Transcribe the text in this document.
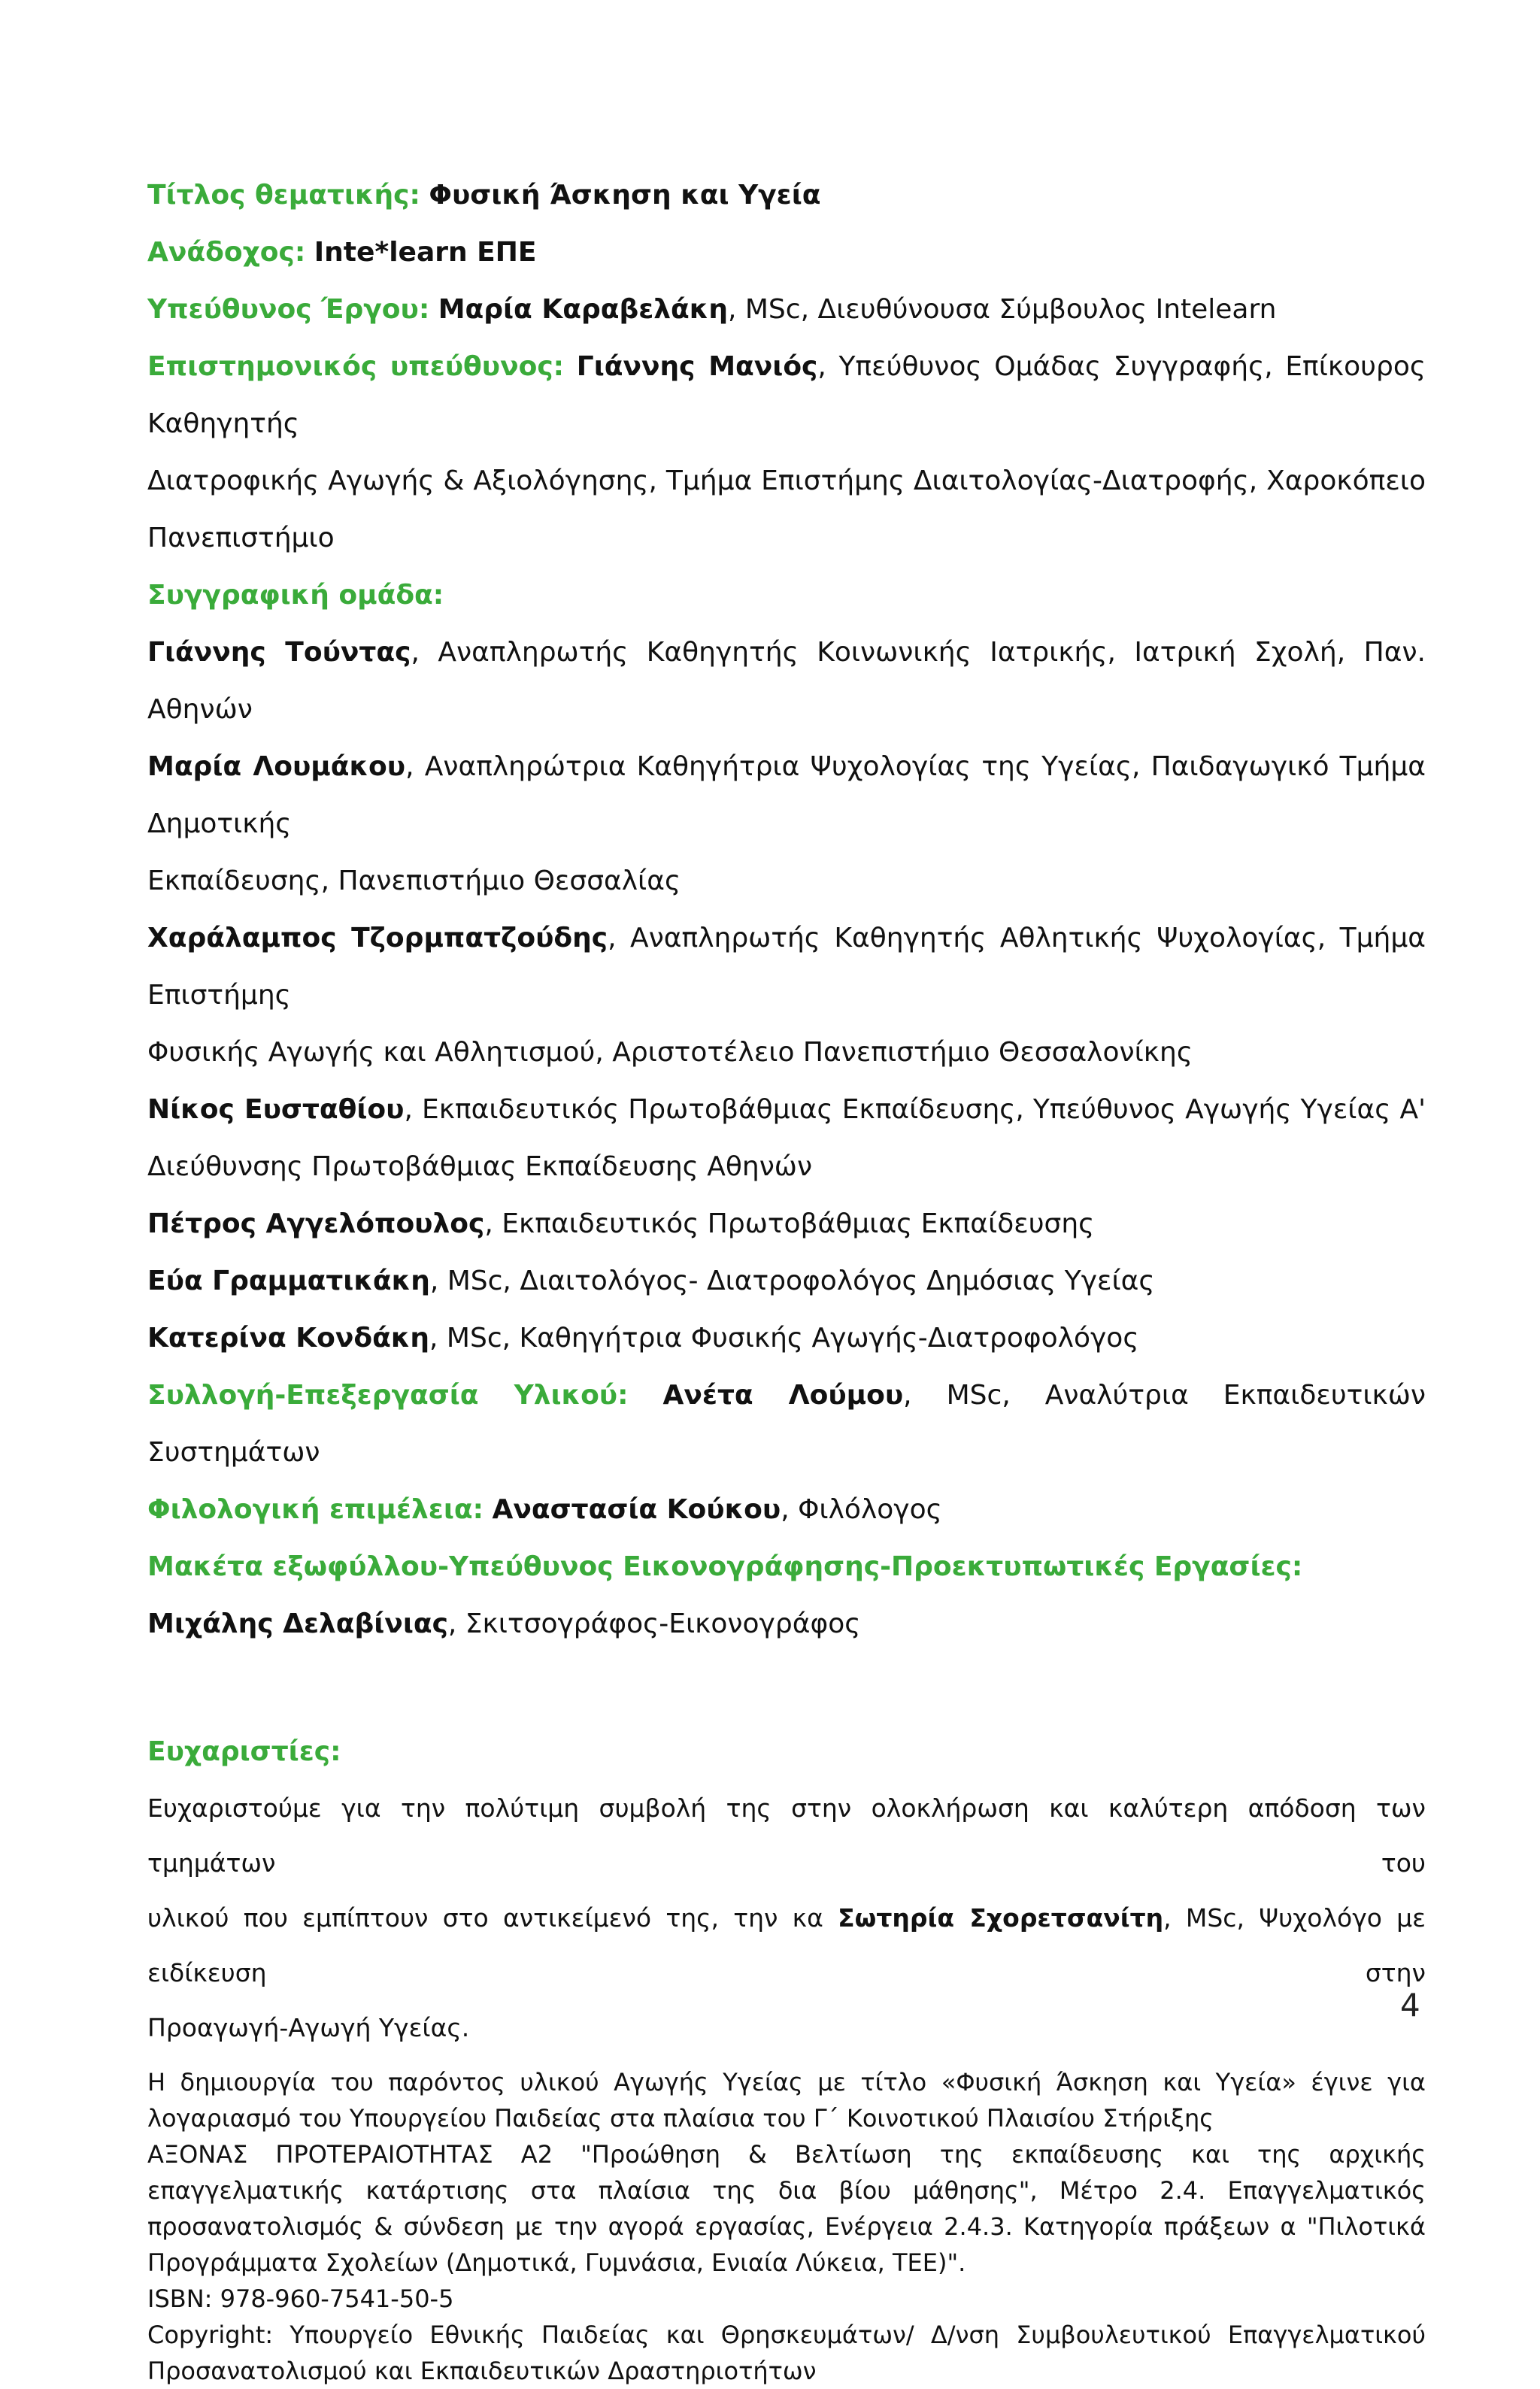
Τίτλος θεματικής: Φυσική Άσκηση και Υγεία

Ανάδοχος: Inte*learn ΕΠΕ

Υπεύθυνος Έργου: Μαρία Καραβελάκη, MSc, Διευθύνουσα Σύμβουλος Intelearn

Επιστημονικός υπεύθυνος: Γιάννης Μανιός, Υπεύθυνος Ομάδας Συγγραφής, Επίκουρος Καθηγητής

Διατροφικής Αγωγής & Αξιολόγησης, Τμήμα Επιστήμης Διαιτολογίας-Διατροφής, Χαροκόπειο

Πανεπιστήμιο

Συγγραφική ομάδα:

Γιάννης Τούντας, Αναπληρωτής Καθηγητής Κοινωνικής Ιατρικής, Ιατρική Σχολή, Παν. Αθηνών

Μαρία Λουμάκου, Αναπληρώτρια Καθηγήτρια Ψυχολογίας της Υγείας, Παιδαγωγικό Τμήμα Δημοτικής

Εκπαίδευσης, Πανεπιστήμιο Θεσσαλίας

Χαράλαμπος Τζορμπατζούδης, Αναπληρωτής Καθηγητής Αθλητικής Ψυχολογίας, Τμήμα Επιστήμης

Φυσικής Αγωγής και Αθλητισμού, Αριστοτέλειο Πανεπιστήμιο Θεσσαλονίκης

Νίκος Ευσταθίου, Εκπαιδευτικός Πρωτοβάθμιας Εκπαίδευσης, Υπεύθυνος Αγωγής Υγείας Α'

Διεύθυνσης Πρωτοβάθμιας Εκπαίδευσης Αθηνών

Πέτρος Αγγελόπουλος, Εκπαιδευτικός Πρωτοβάθμιας Εκπαίδευσης

Εύα Γραμματικάκη, MSc, Διαιτολόγος- Διατροφολόγος Δημόσιας Υγείας

Κατερίνα Κονδάκη, MSc, Καθηγήτρια Φυσικής Αγωγής-Διατροφολόγος

Συλλογή-Επεξεργασία Υλικού: Ανέτα Λούμου, MSc, Αναλύτρια Εκπαιδευτικών Συστημάτων

Φιλολογική επιμέλεια: Αναστασία Κούκου, Φιλόλογος

Μακέτα εξωφύλλου-Υπεύθυνος Εικονογράφησης-Προεκτυπωτικές Εργασίες:

Μιχάλης Δελαβίνιας, Σκιτσογράφος-Εικονογράφος

Ευχαριστίες:

Ευχαριστούμε για την πολύτιμη συμβολή της στην ολοκλήρωση και καλύτερη απόδοση των τμημάτων του

υλικού που εμπίπτουν στο αντικείμενό της, την κα Σωτηρία Σχορετσανίτη, MSc, Ψυχολόγο με ειδίκευση στην

Προαγωγή-Αγωγή Υγείας.

Η δημιουργία του παρόντος υλικού Αγωγής Υγείας με τίτλο «Φυσική Άσκηση και Υγεία» έγινε για λογαριασμό του Υπουργείου Παιδείας στα πλαίσια του Γ΄ Κοινοτικού Πλαισίου Στήριξης

ΑΞΟΝΑΣ ΠΡΟΤΕΡΑΙΟΤΗΤΑΣ Α2 "Προώθηση & Βελτίωση της εκπαίδευσης και της αρχικής επαγγελματικής κατάρτισης στα πλαίσια της δια βίου μάθησης", Μέτρο 2.4. Επαγγελματικός προσανατολισμός & σύνδεση με την αγορά εργασίας, Ενέργεια 2.4.3. Κατηγορία πράξεων α "Πιλοτικά Προγράμματα Σχολείων (Δημοτικά, Γυμνάσια, Ενιαία Λύκεια, ΤΕΕ)".

ISBN: 978-960-7541-50-5

Copyright: Υπουργείο Εθνικής Παιδείας και Θρησκευμάτων/ Δ/νση Συμβουλευτικού Επαγγελματικού Προσανατολισμού και Εκπαιδευτικών Δραστηριοτήτων

4
